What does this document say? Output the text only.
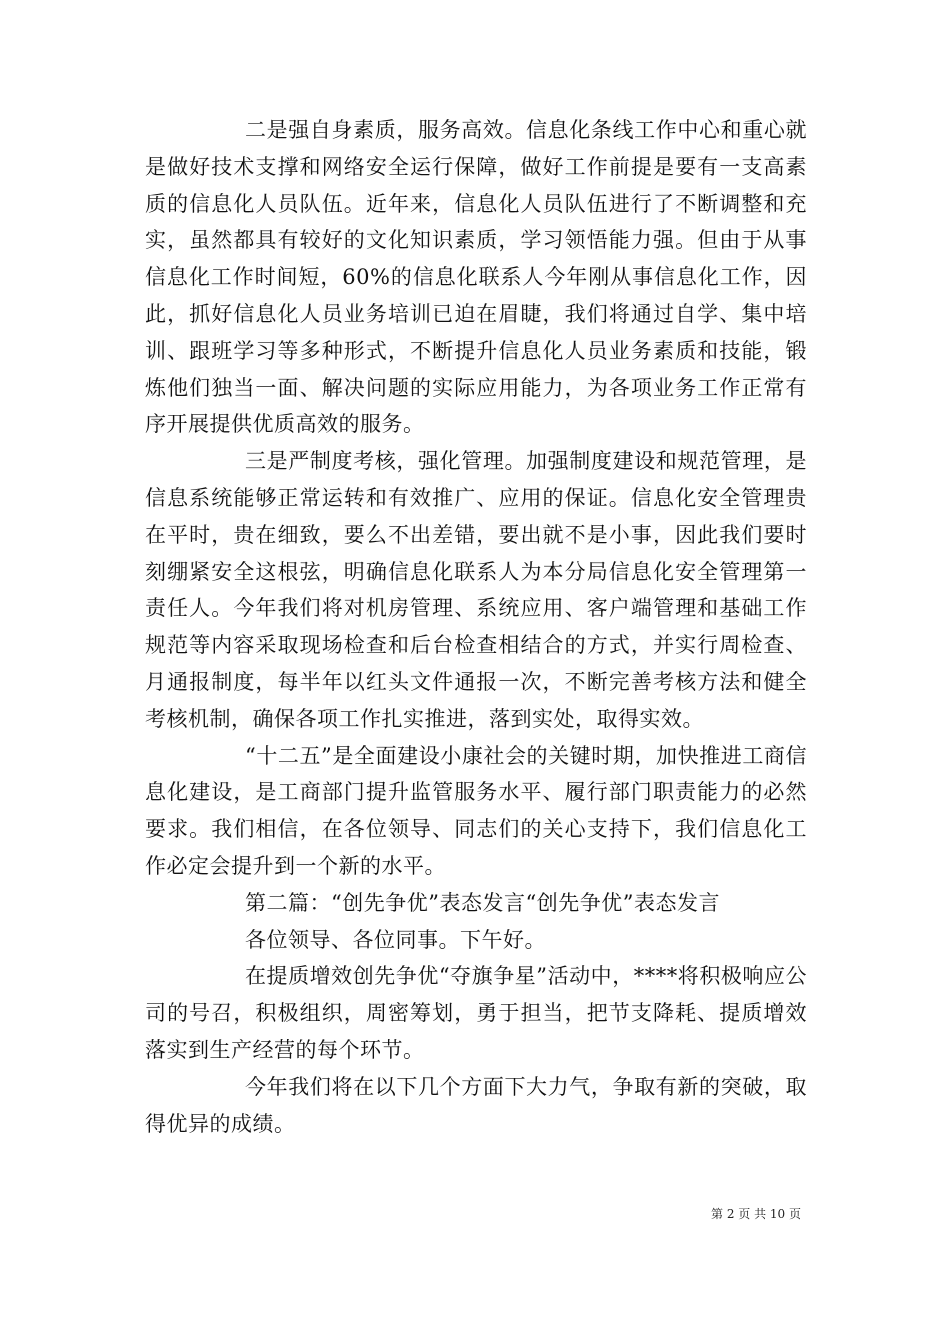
二是强自身素质，服务高效。信息化条线工作中心和重心就是做好技术支撑和网络安全运行保障，做好工作前提是要有一支高素质的信息化人员队伍。近年来，信息化人员队伍进行了不断调整和充实，虽然都具有较好的文化知识素质，学习领悟能力强。但由于从事信息化工作时间短，60%的信息化联系人今年刚从事信息化工作，因此，抓好信息化人员业务培训已迫在眉睫，我们将通过自学、集中培训、跟班学习等多种形式，不断提升信息化人员业务素质和技能，锻炼他们独当一面、解决问题的实际应用能力，为各项业务工作正常有序开展提供优质高效的服务。

三是严制度考核，强化管理。加强制度建设和规范管理，是信息系统能够正常运转和有效推广、应用的保证。信息化安全管理贵在平时，贵在细致，要么不出差错，要出就不是小事，因此我们要时刻绷紧安全这根弦，明确信息化联系人为本分局信息化安全管理第一责任人。今年我们将对机房管理、系统应用、客户端管理和基础工作规范等内容采取现场检查和后台检查相结合的方式，并实行周检查、月通报制度，每半年以红头文件通报一次，不断完善考核方法和健全考核机制，确保各项工作扎实推进，落到实处，取得实效。

“十二五”是全面建设小康社会的关键时期，加快推进工商信息化建设，是工商部门提升监管服务水平、履行部门职责能力的必然要求。我们相信，在各位领导、同志们的关心支持下，我们信息化工作必定会提升到一个新的水平。

第二篇：“创先争优”表态发言“创先争优”表态发言

各位领导、各位同事。下午好。

在提质增效创先争优“夺旗争星”活动中，****将积极响应公司的号召，积极组织，周密筹划，勇于担当，把节支降耗、提质增效落实到生产经营的每个环节。

今年我们将在以下几个方面下大力气，争取有新的突破，取得优异的成绩。

第 2 页 共 10 页
